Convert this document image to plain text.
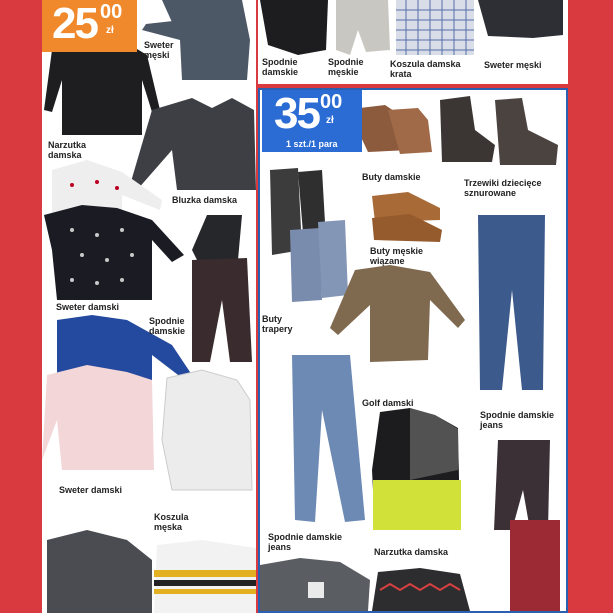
25 00
zł
Sweter
męski
Narzutka
damska
Bluzka damska
Sweter damski
Spodnie
damskie
Sweter damski
Koszula
męska
Spodnie
damskie
Spodnie
męskie
Koszula damska
krata
Sweter męski
35 00
zł
1 szt./1 para
Buty damskie
Trzewiki dziecięce
sznurowane
Buty męskie
wiązane
Buty
trapery
Golf damski
Spodnie damskie
jeans
Spodnie damskie
jeans	Narzutka damska
